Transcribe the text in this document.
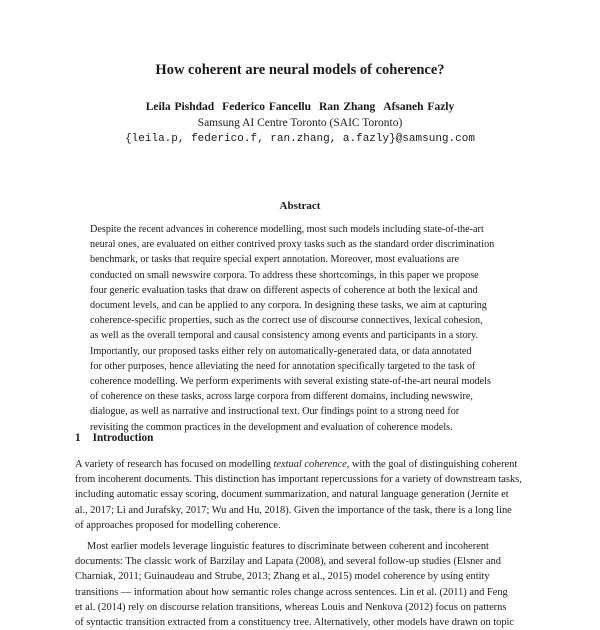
How coherent are neural models of coherence?
Leila Pishdad Federico Fancellu Ran Zhang Afsaneh Fazly
Samsung AI Centre Toronto (SAIC Toronto)
{leila.p, federico.f, ran.zhang, a.fazly}@samsung.com
Abstract
Despite the recent advances in coherence modelling, most such models including state-of-the-art
neural ones, are evaluated on either contrived proxy tasks such as the standard order discrimination
benchmark, or tasks that require special expert annotation. Moreover, most evaluations are
conducted on small newswire corpora. To address these shortcomings, in this paper we propose
four generic evaluation tasks that draw on different aspects of coherence at both the lexical and
document levels, and can be applied to any corpora. In designing these tasks, we aim at capturing
coherence-specific properties, such as the correct use of discourse connectives, lexical cohesion,
as well as the overall temporal and causal consistency among events and participants in a story.
Importantly, our proposed tasks either rely on automatically-generated data, or data annotated
for other purposes, hence alleviating the need for annotation specifically targeted to the task of
coherence modelling. We perform experiments with several existing state-of-the-art neural models
of coherence on these tasks, across large corpora from different domains, including newswire,
dialogue, as well as narrative and instructional text. Our findings point to a strong need for
revisiting the common practices in the development and evaluation of coherence models.
1 Introduction
A variety of research has focused on modelling textual coherence, with the goal of distinguishing coherent
from incoherent documents. This distinction has important repercussions for a variety of downstream tasks,
including automatic essay scoring, document summarization, and natural language generation (Jernite et
al., 2017; Li and Jurafsky, 2017; Wu and Hu, 2018). Given the importance of the task, there is a long line
of approaches proposed for modelling coherence.
Most earlier models leverage linguistic features to discriminate between coherent and incoherent
documents: The classic work of Barzilay and Lapata (2008), and several follow-up studies (Elsner and
Charniak, 2011; Guinaudeau and Strube, 2013; Zhang et al., 2015) model coherence by using entity
transitions — information about how semantic roles change across sentences. Lin et al. (2011) and Feng
et al. (2014) rely on discourse relation transitions, whereas Louis and Nenkova (2012) focus on patterns
of syntactic transition extracted from a constituency tree. Alternatively, other models have drawn on topic
